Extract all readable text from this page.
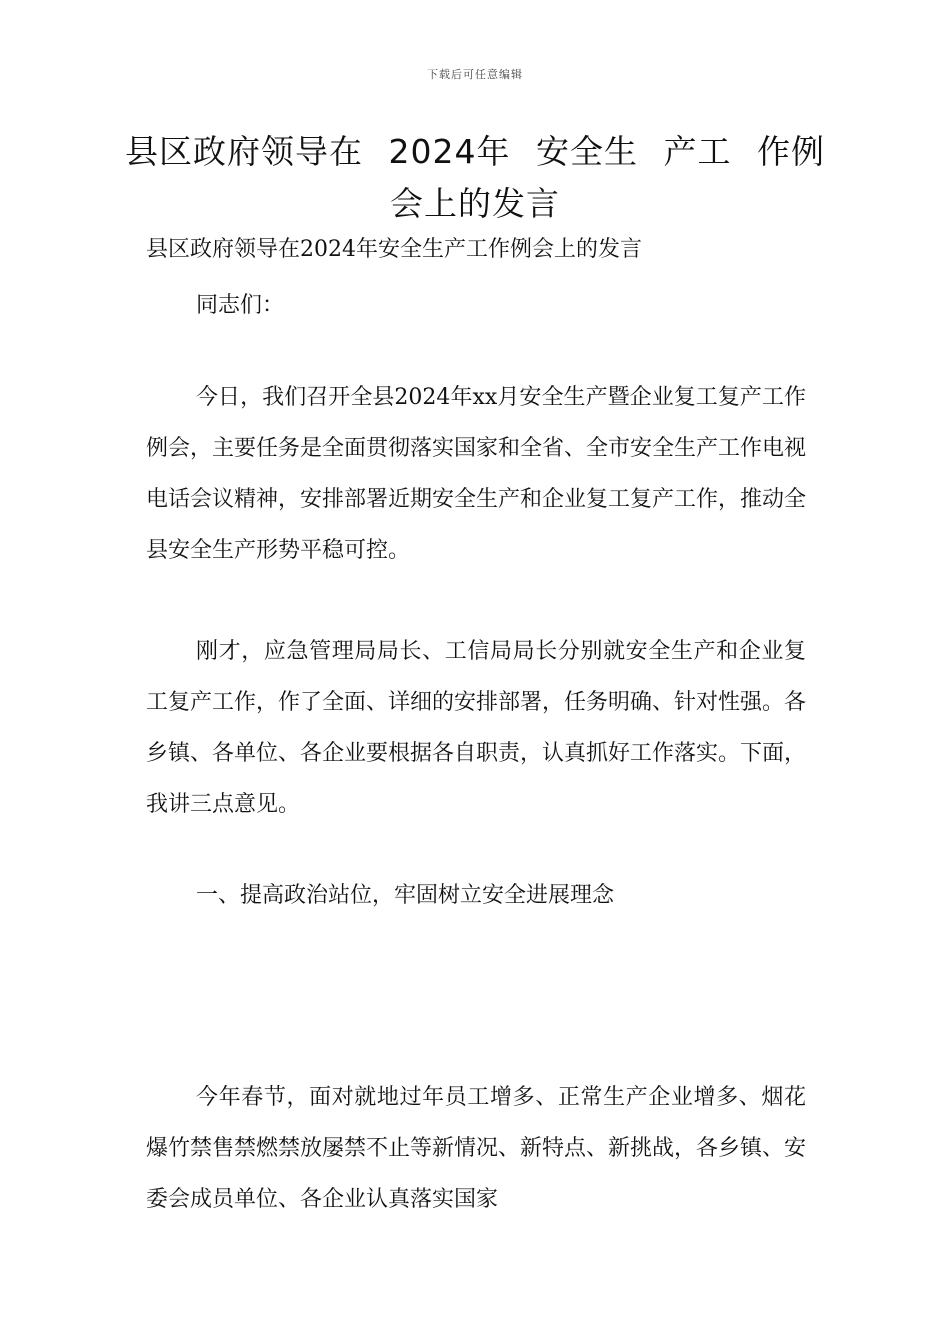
下载后可任意编辑
县区政府领导在 2024年 安全生 产工 作例 会上的发言
县区政府领导在2024年安全生产工作例会上的发言

同志们：

今日，我们召开全县2024年xx月安全生产暨企业复工复产工作例会，主要任务是全面贯彻落实国家和全省、全市安全生产工作电视电话会议精神，安排部署近期安全生产和企业复工复产工作，推动全县安全生产形势平稳可控。

刚才，应急管理局局长、工信局局长分别就安全生产和企业复工复产工作，作了全面、详细的安排部署，任务明确、针对性强。各乡镇、各单位、各企业要根据各自职责，认真抓好工作落实。下面，我讲三点意见。

一、提高政治站位，牢固树立安全进展理念

今年春节，面对就地过年员工增多、正常生产企业增多、烟花爆竹禁售禁燃禁放屡禁不止等新情况、新特点、新挑战，各乡镇、安委会成员单位、各企业认真落实国家
